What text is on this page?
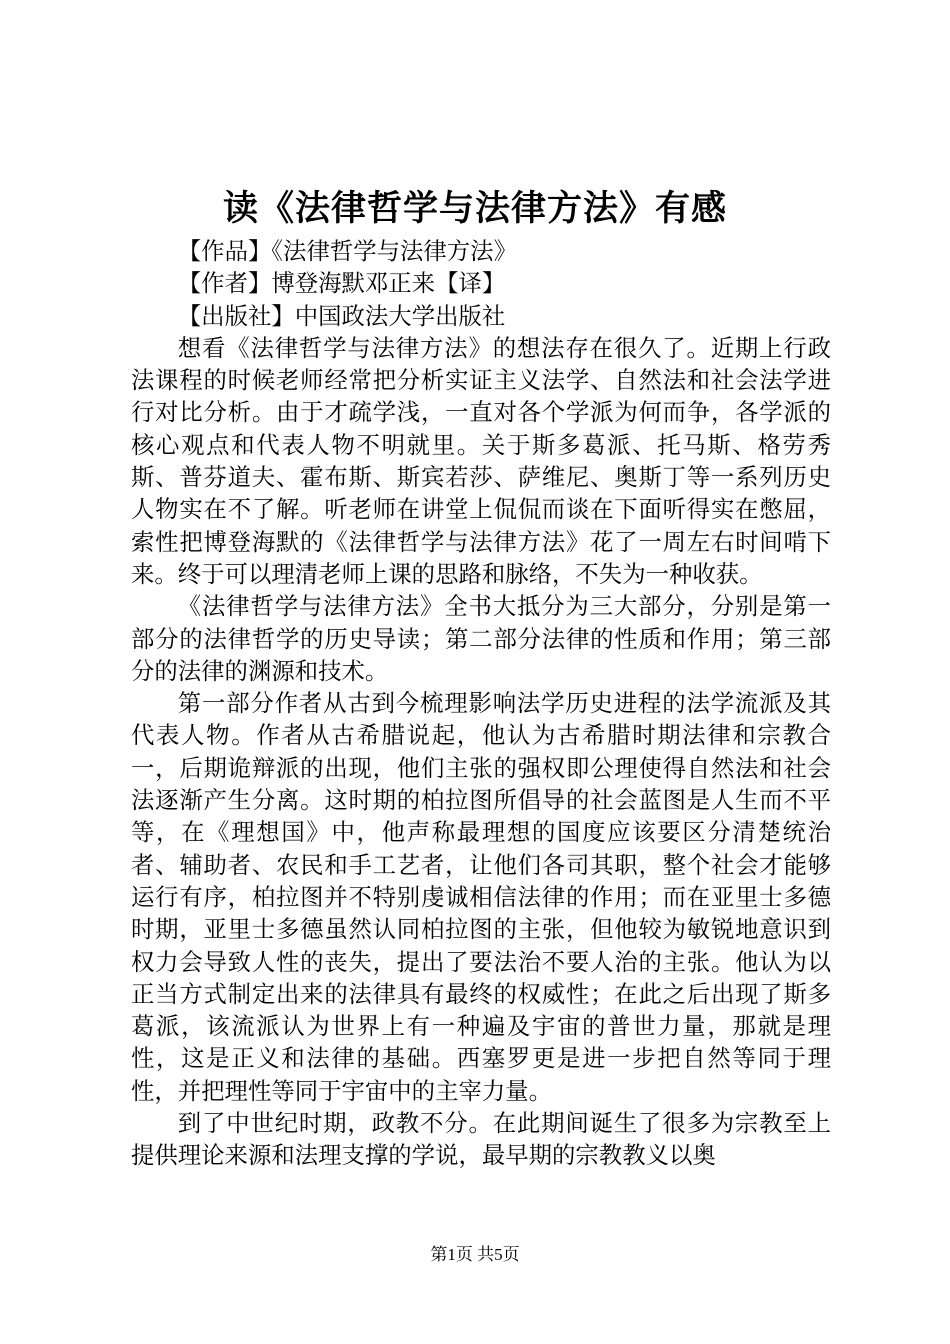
读《法律哲学与法律方法》有感

【作品】《法律哲学与法律方法》

【作者】博登海默邓正来【译】

【出版社】中国政法大学出版社

想看《法律哲学与法律方法》的想法存在很久了。近期上行政法课程的时候老师经常把分析实证主义法学、自然法和社会法学进行对比分析。由于才疏学浅，一直对各个学派为何而争，各学派的核心观点和代表人物不明就里。关于斯多葛派、托马斯、格劳秀斯、普芬道夫、霍布斯、斯宾若莎、萨维尼、奥斯丁等一系列历史人物实在不了解。听老师在讲堂上侃侃而谈在下面听得实在憋屈，索性把博登海默的《法律哲学与法律方法》花了一周左右时间啃下来。终于可以理清老师上课的思路和脉络，不失为一种收获。

《法律哲学与法律方法》全书大抵分为三大部分，分别是第一部分的法律哲学的历史导读；第二部分法律的性质和作用；第三部分的法律的渊源和技术。

第一部分作者从古到今梳理影响法学历史进程的法学流派及其代表人物。作者从古希腊说起，他认为古希腊时期法律和宗教合一，后期诡辩派的出现，他们主张的强权即公理使得自然法和社会法逐渐产生分离。这时期的柏拉图所倡导的社会蓝图是人生而不平等，在《理想国》中，他声称最理想的国度应该要区分清楚统治者、辅助者、农民和手工艺者，让他们各司其职，整个社会才能够运行有序，柏拉图并不特别虔诚相信法律的作用；而在亚里士多德时期，亚里士多德虽然认同柏拉图的主张，但他较为敏锐地意识到权力会导致人性的丧失，提出了要法治不要人治的主张。他认为以正当方式制定出来的法律具有最终的权威性；在此之后出现了斯多葛派，该流派认为世界上有一种遍及宇宙的普世力量，那就是理性，这是正义和法律的基础。西塞罗更是进一步把自然等同于理性，并把理性等同于宇宙中的主宰力量。

到了中世纪时期，政教不分。在此期间诞生了很多为宗教至上提供理论来源和法理支撑的学说，最早期的宗教教义以奥

第1页 共5页
